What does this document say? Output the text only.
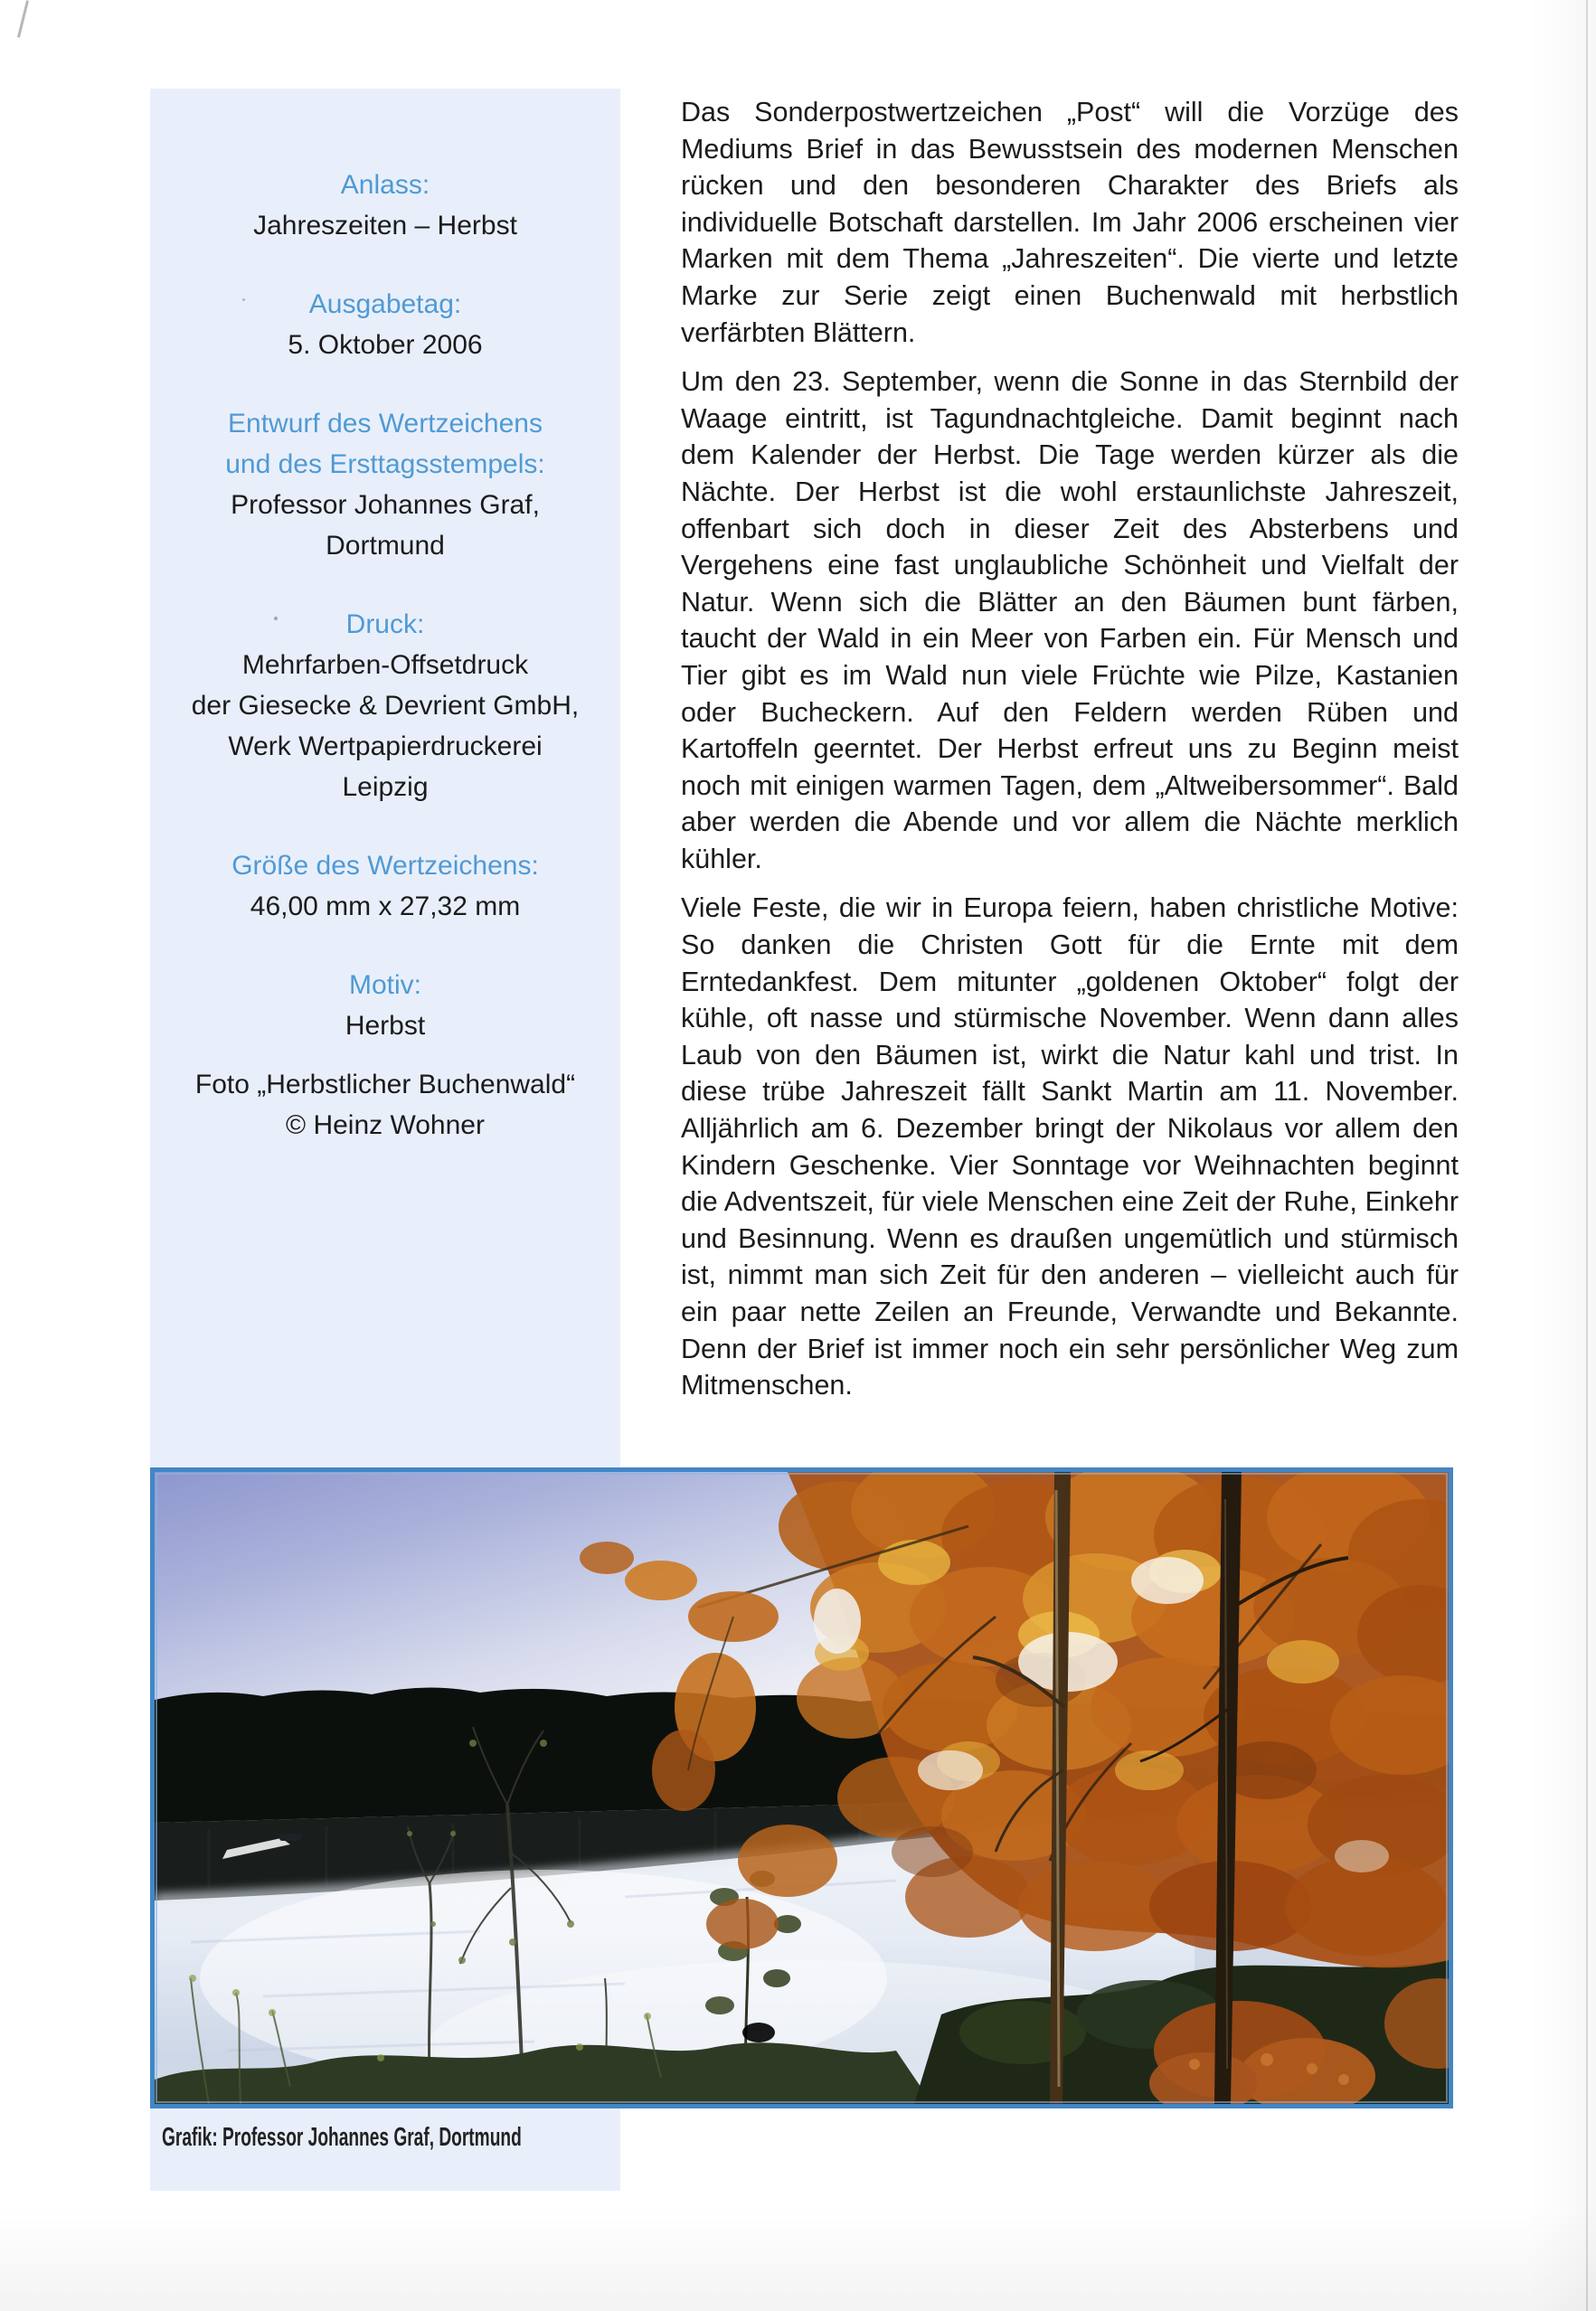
Anlass:
Jahreszeiten – Herbst
Ausgabetag:
5. Oktober 2006
Entwurf des Wertzeichens
und des Ersttagsstempels:
Professor Johannes Graf,
Dortmund
Druck:
Mehrfarben-Offsetdruck
der Giesecke & Devrient GmbH,
Werk Wertpapierdruckerei
Leipzig
Größe des Wertzeichens:
46,00 mm x 27,32 mm
Motiv:
Herbst
Foto „Herbstlicher Buchenwald“
© Heinz Wohner

Das Sonderpostwertzeichen „Post“ will die Vorzüge des Mediums Brief in das Bewusstsein des modernen Menschen rücken und den besonderen Charakter des Briefs als individuelle Botschaft darstellen. Im Jahr 2006 erscheinen vier Marken mit dem Thema „Jahreszeiten“. Die vierte und letzte Marke zur Serie zeigt einen Buchenwald mit herbstlich verfärbten Blättern.

Um den 23. September, wenn die Sonne in das Sternbild der Waage eintritt, ist Tagundnachtgleiche. Damit beginnt nach dem Kalender der Herbst. Die Tage werden kürzer als die Nächte. Der Herbst ist die wohl erstaunlichste Jahreszeit, offenbart sich doch in dieser Zeit des Absterbens und Vergehens eine fast unglaubliche Schönheit und Vielfalt der Natur. Wenn sich die Blätter an den Bäumen bunt färben, taucht der Wald in ein Meer von Farben ein. Für Mensch und Tier gibt es im Wald nun viele Früchte wie Pilze, Kastanien oder Bucheckern. Auf den Feldern werden Rüben und Kartoffeln geerntet. Der Herbst erfreut uns zu Beginn meist noch mit einigen warmen Tagen, dem „Altweibersommer“. Bald aber werden die Abende und vor allem die Nächte merklich kühler.

Viele Feste, die wir in Europa feiern, haben christliche Motive: So danken die Christen Gott für die Ernte mit dem Erntedankfest. Dem mitunter „goldenen Oktober“ folgt der kühle, oft nasse und stürmische November. Wenn dann alles Laub von den Bäumen ist, wirkt die Natur kahl und trist. In diese trübe Jahreszeit fällt Sankt Martin am 11. November. Alljährlich am 6. Dezember bringt der Nikolaus vor allem den Kindern Geschenke. Vier Sonntage vor Weihnachten beginnt die Adventszeit, für viele Menschen eine Zeit der Ruhe, Einkehr und Besinnung. Wenn es draußen ungemütlich und stürmisch ist, nimmt man sich Zeit für den anderen – vielleicht auch für ein paar nette Zeilen an Freunde, Verwandte und Bekannte. Denn der Brief ist immer noch ein sehr persönlicher Weg zum Mitmenschen.

Grafik: Professor Johannes Graf, Dortmund
